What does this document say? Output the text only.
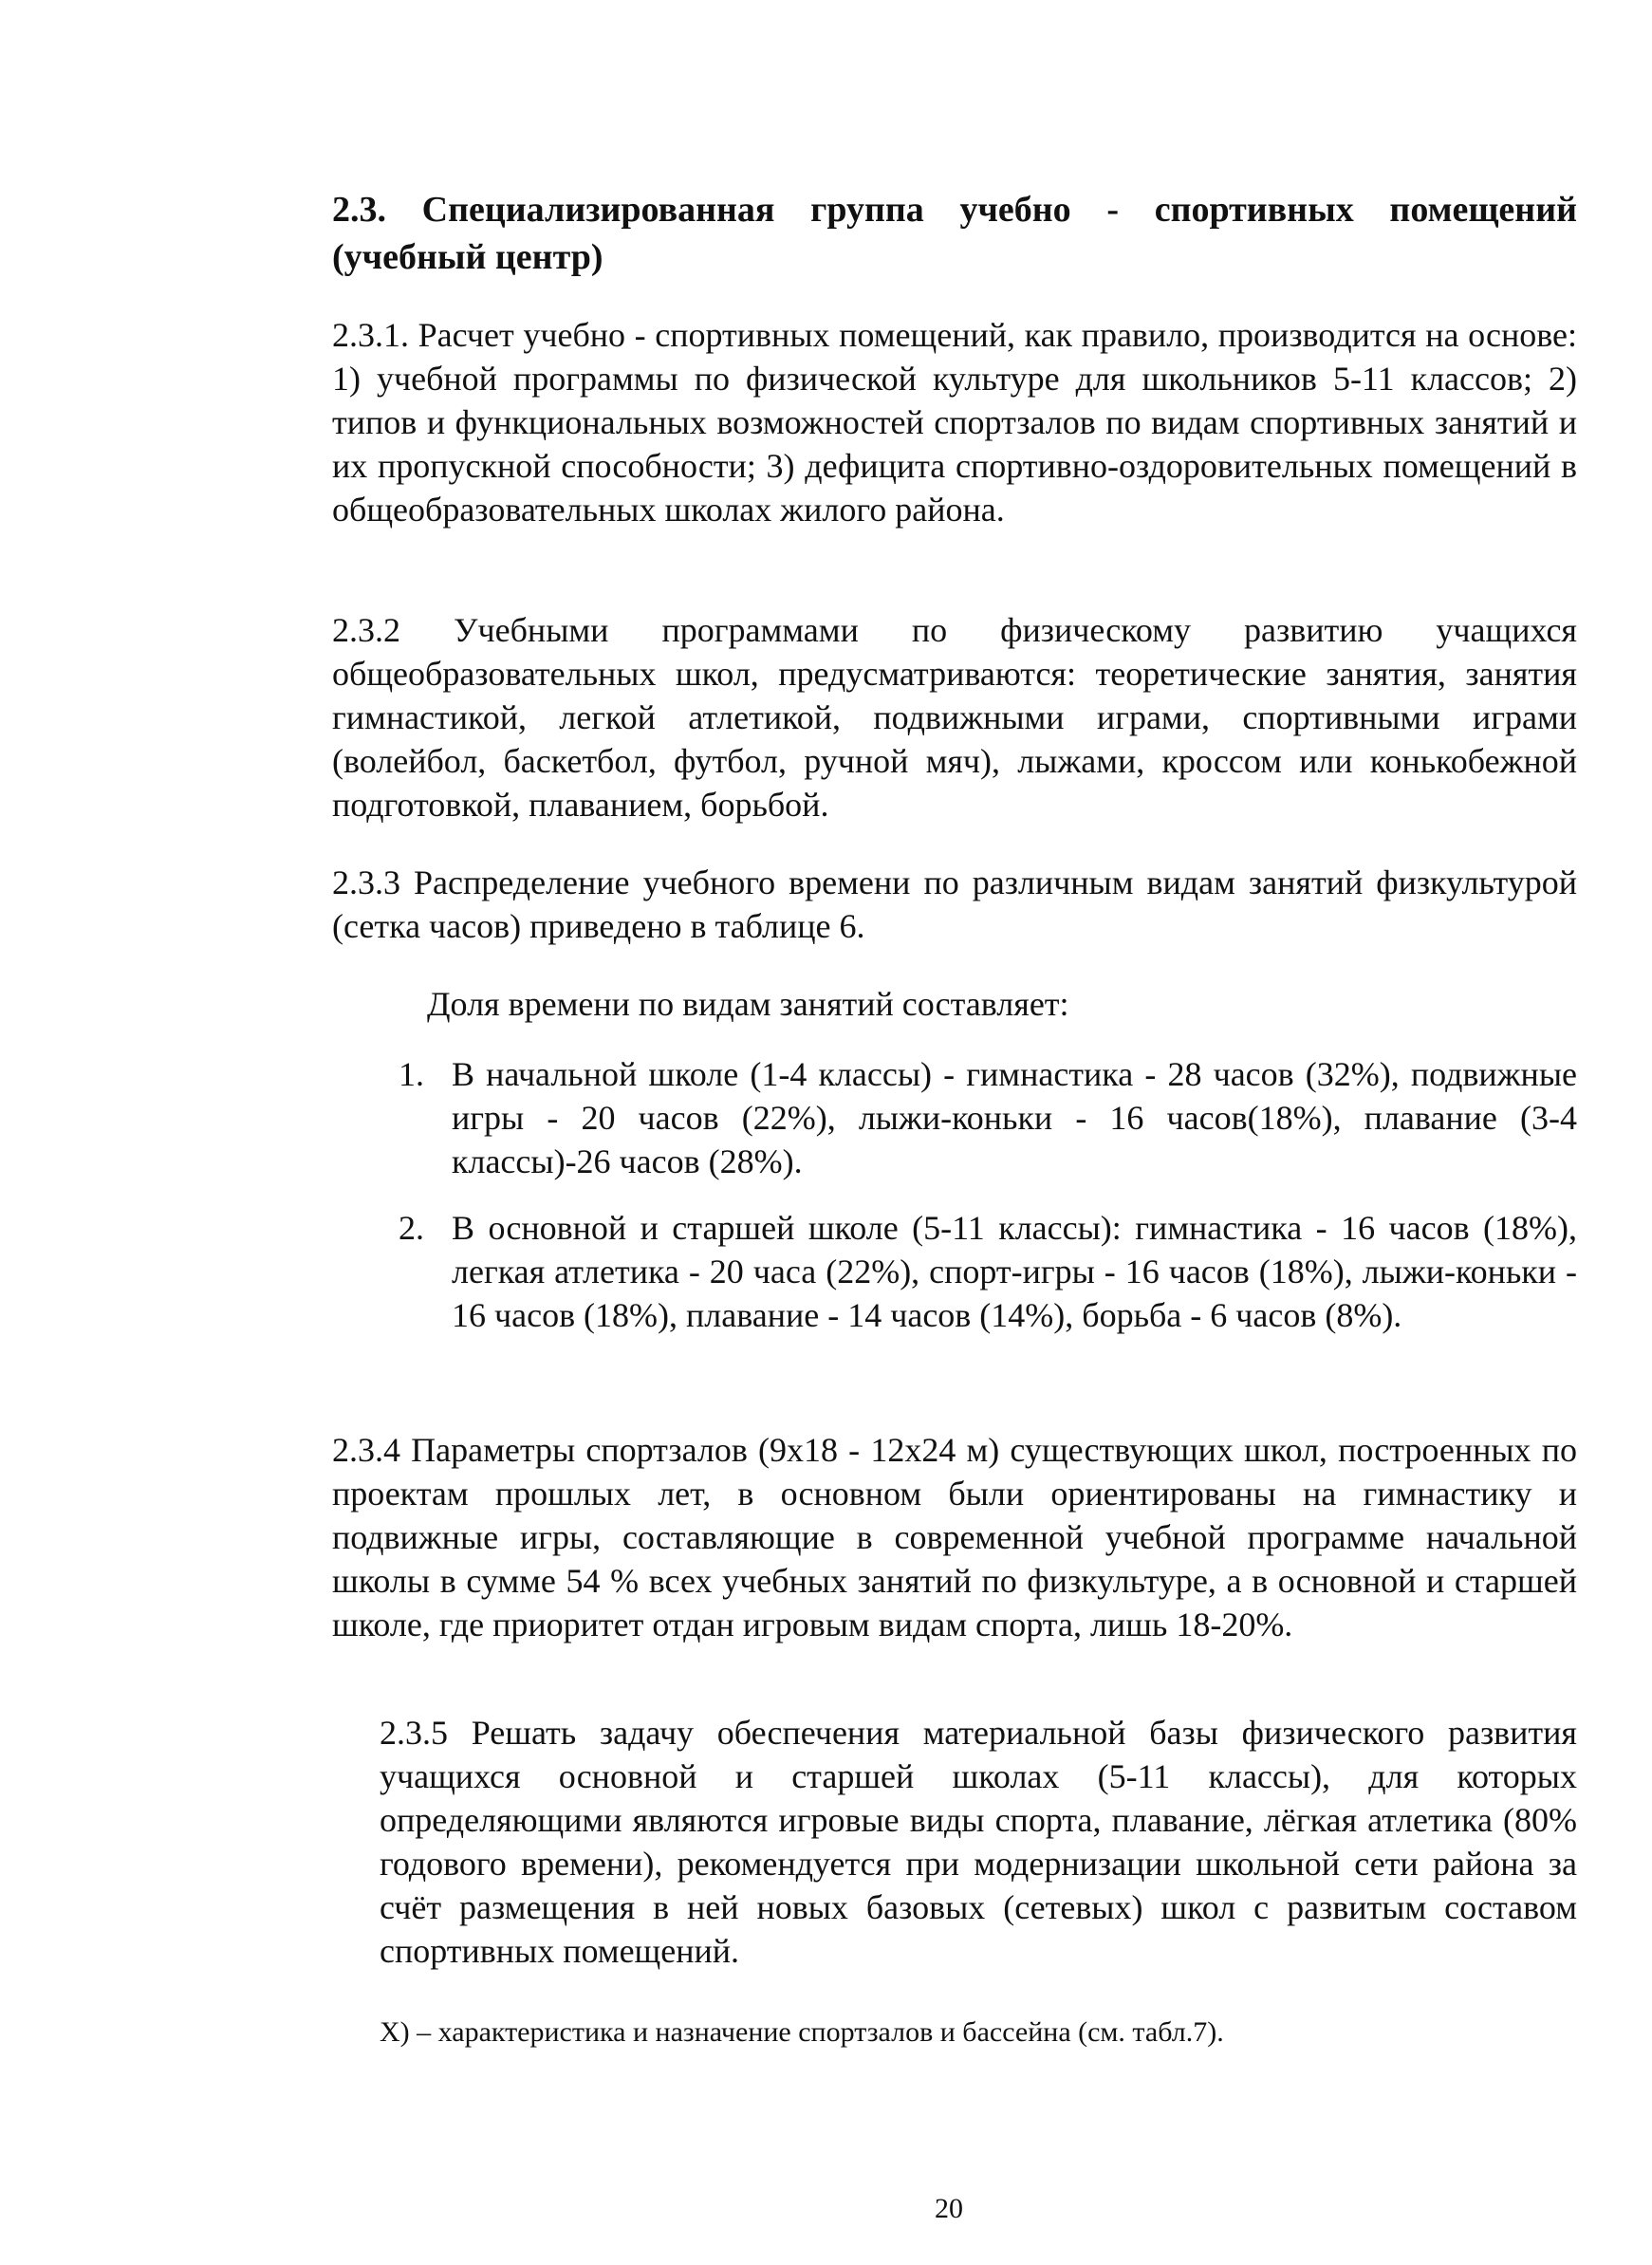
2.3. Специализированная группа учебно - спортивных помещений (учебный центр)

2.3.1. Расчет учебно - спортивных помещений, как правило, производится на основе: 1) учебной программы по физической культуре для школьников 5-11 классов; 2) типов и функциональных возможностей спортзалов по видам спортивных занятий и их пропускной способности; 3) дефицита спортивно-оздоровительных помещений в общеобразовательных школах жилого района.

2.3.2 Учебными программами по физическому развитию учащихся общеобразовательных школ, предусматриваются: теоретические занятия, занятия гимнастикой, легкой атлетикой, подвижными играми, спортивными играми (волейбол, баскетбол, футбол, ручной мяч), лыжами, кроссом или конькобежной подготовкой, плаванием, борьбой.

2.3.3 Распределение учебного времени по различным видам занятий физкультурой (сетка часов) приведено в таблице 6.

Доля времени по видам занятий составляет:

1. В начальной школе (1-4 классы) - гимнастика - 28 часов (32%), подвижные игры - 20 часов (22%), лыжи-коньки - 16 часов(18%), плавание (3-4 классы)-26 часов (28%).
2. В основной и старшей школе (5-11 классы): гимнастика - 16 часов (18%), легкая атлетика - 20 часа (22%), спорт-игры - 16 часов (18%), лыжи-коньки - 16 часов (18%), плавание - 14 часов (14%), борьба - 6 часов (8%).

2.3.4 Параметры спортзалов (9x18 - 12x24 м) существующих школ, построенных по проектам прошлых лет, в основном были ориентированы на гимнастику и подвижные игры, составляющие в современной учебной программе начальной школы в сумме 54 % всех учебных занятий по физкультуре, а в основной и старшей школе, где приоритет отдан игровым видам спорта, лишь 18-20%.

2.3.5 Решать задачу обеспечения материальной базы физического развития учащихся основной и старшей школах (5-11 классы), для которых определяющими являются игровые виды спорта, плавание, лёгкая атлетика (80% годового времени), рекомендуется при модернизации школьной сети района за счёт размещения в ней новых базовых (сетевых) школ с развитым составом спортивных помещений.

X) – характеристика и назначение спортзалов и бассейна (см. табл.7).

20
